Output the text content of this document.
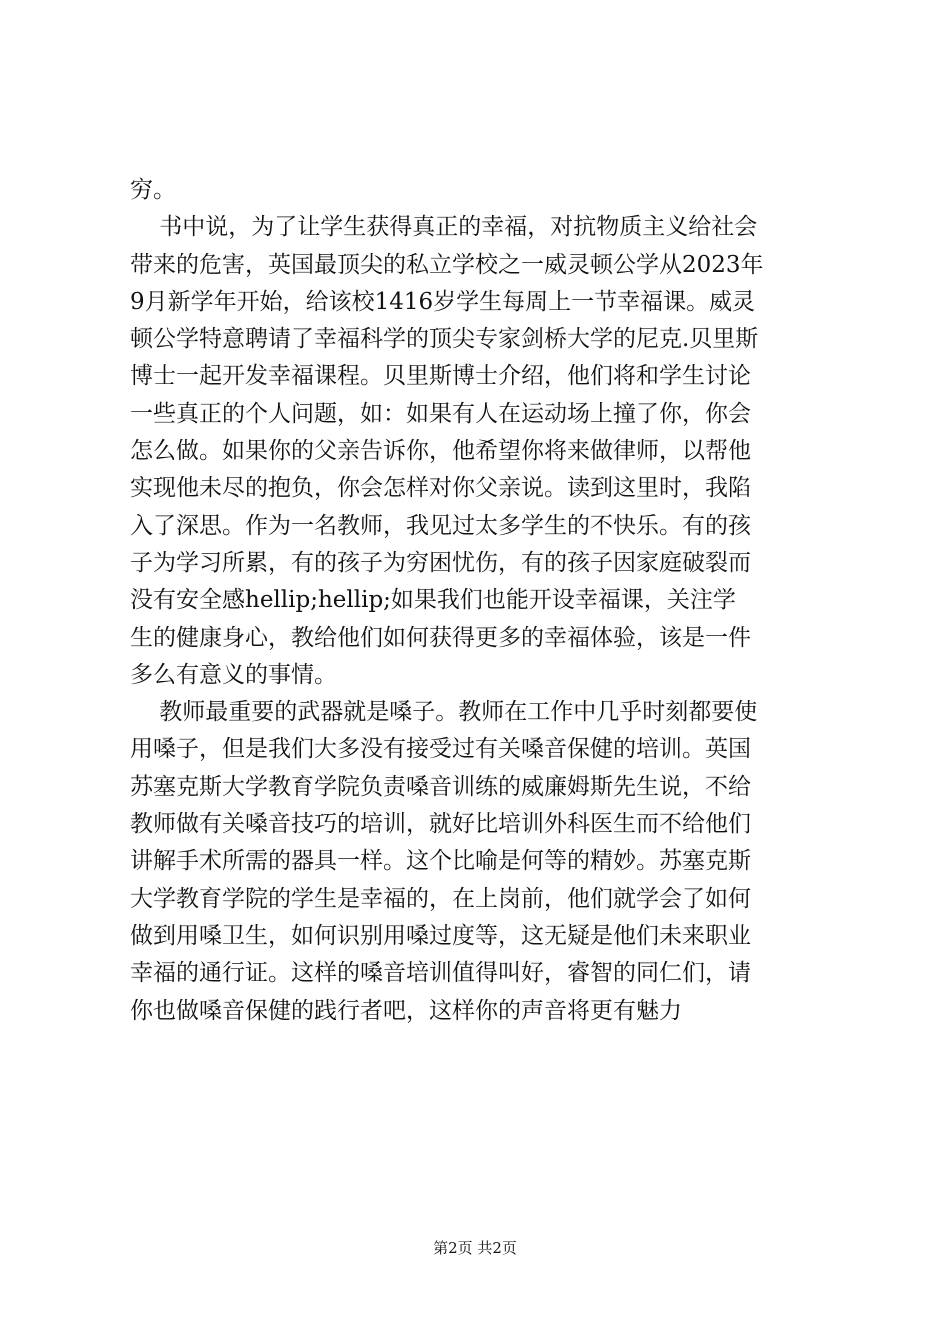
穷。
书中说，为了让学生获得真正的幸福，对抗物质主义给社会
带来的危害，英国最顶尖的私立学校之一威灵顿公学从2023年
9月新学年开始，给该校1416岁学生每周上一节幸福课。威灵
顿公学特意聘请了幸福科学的顶尖专家剑桥大学的尼克.贝里斯
博士一起开发幸福课程。贝里斯博士介绍，他们将和学生讨论
一些真正的个人问题，如：如果有人在运动场上撞了你，你会
怎么做。如果你的父亲告诉你，他希望你将来做律师，以帮他
实现他未尽的抱负，你会怎样对你父亲说。读到这里时，我陷
入了深思。作为一名教师，我见过太多学生的不快乐。有的孩
子为学习所累，有的孩子为穷困忧伤，有的孩子因家庭破裂而
没有安全感hellip;hellip;如果我们也能开设幸福课，关注学
生的健康身心，教给他们如何获得更多的幸福体验，该是一件
多么有意义的事情。
教师最重要的武器就是嗓子。教师在工作中几乎时刻都要使
用嗓子，但是我们大多没有接受过有关嗓音保健的培训。英国
苏塞克斯大学教育学院负责嗓音训练的威廉姆斯先生说，不给
教师做有关嗓音技巧的培训，就好比培训外科医生而不给他们
讲解手术所需的器具一样。这个比喻是何等的精妙。苏塞克斯
大学教育学院的学生是幸福的，在上岗前，他们就学会了如何
做到用嗓卫生，如何识别用嗓过度等，这无疑是他们未来职业
幸福的通行证。这样的嗓音培训值得叫好，睿智的同仁们，请
你也做嗓音保健的践行者吧，这样你的声音将更有魅力
第2页 共2页
